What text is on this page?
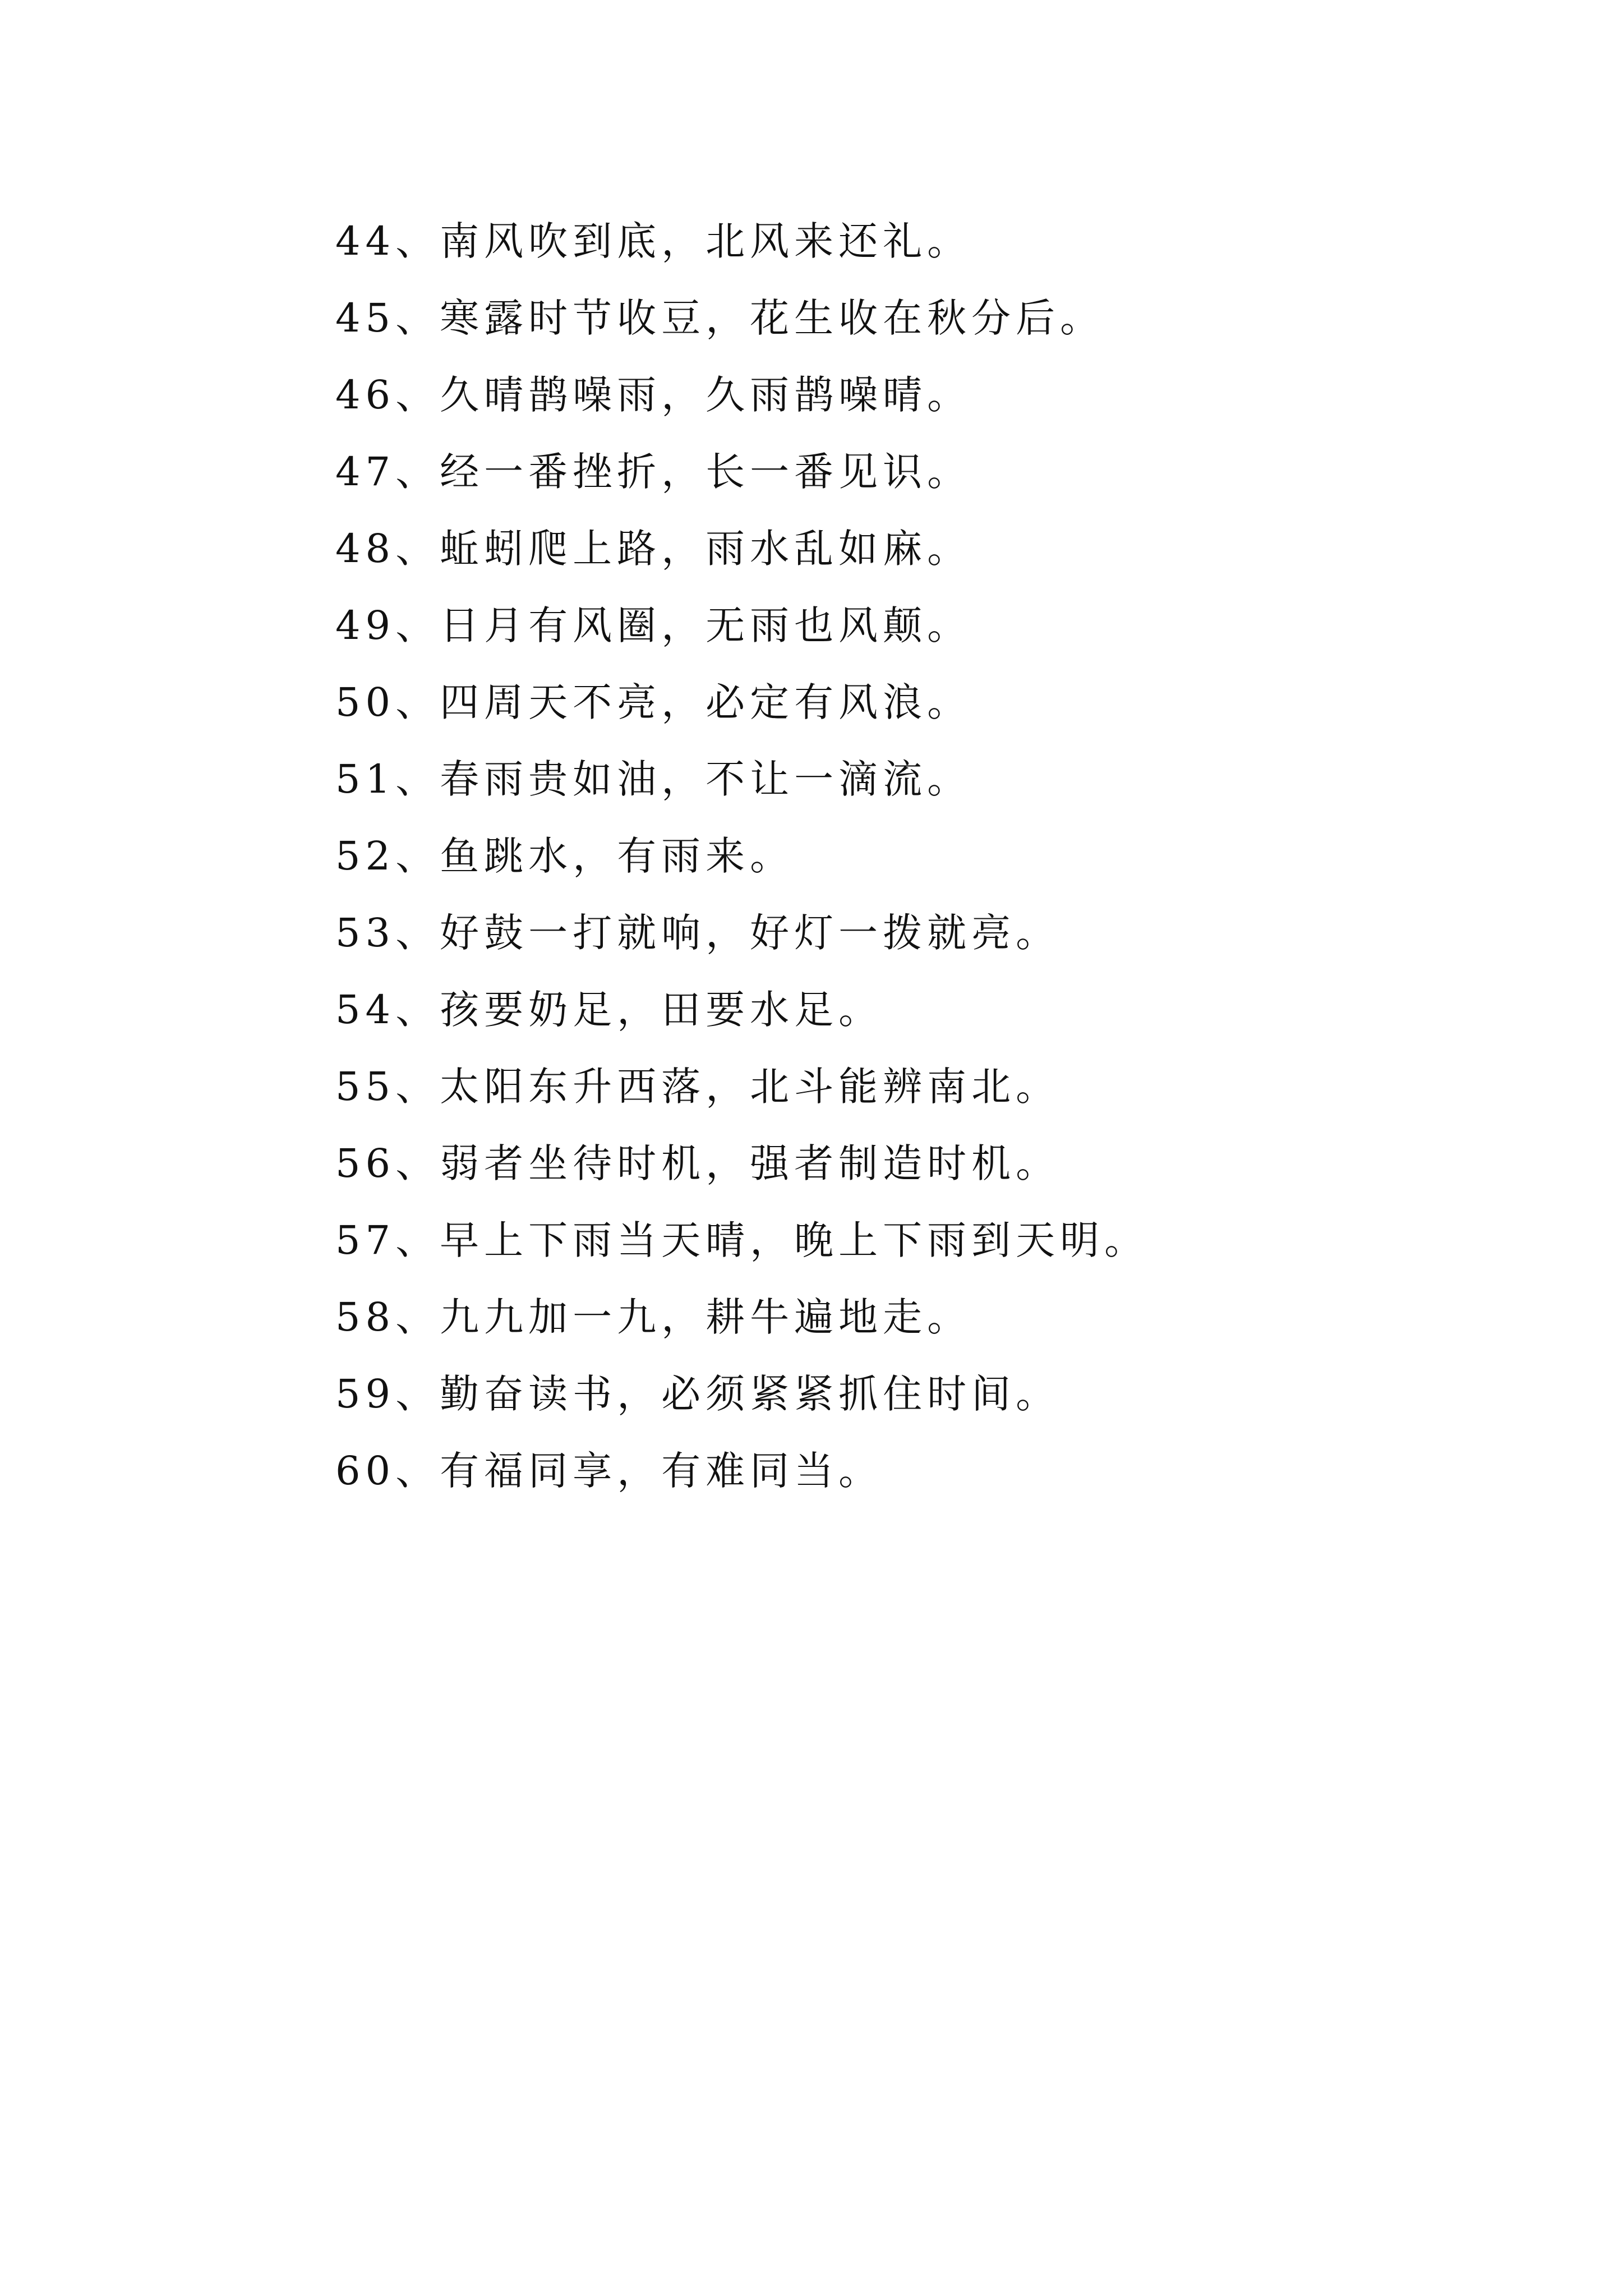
44、南风吹到底，北风来还礼。
45、寒露时节收豆，花生收在秋分后。
46、久晴鹊噪雨，久雨鹊噪晴。
47、经一番挫折，长一番见识。
48、蚯蚓爬上路，雨水乱如麻。
49、日月有风圈，无雨也风颠。
50、四周天不亮，必定有风浪。
51、春雨贵如油，不让一滴流。
52、鱼跳水，有雨来。
53、好鼓一打就响，好灯一拨就亮。
54、孩要奶足，田要水足。
55、太阳东升西落，北斗能辨南北。
56、弱者坐待时机，强者制造时机。
57、早上下雨当天晴，晚上下雨到天明。
58、九九加一九，耕牛遍地走。
59、勤奋读书，必须紧紧抓住时间。
60、有福同享，有难同当。
